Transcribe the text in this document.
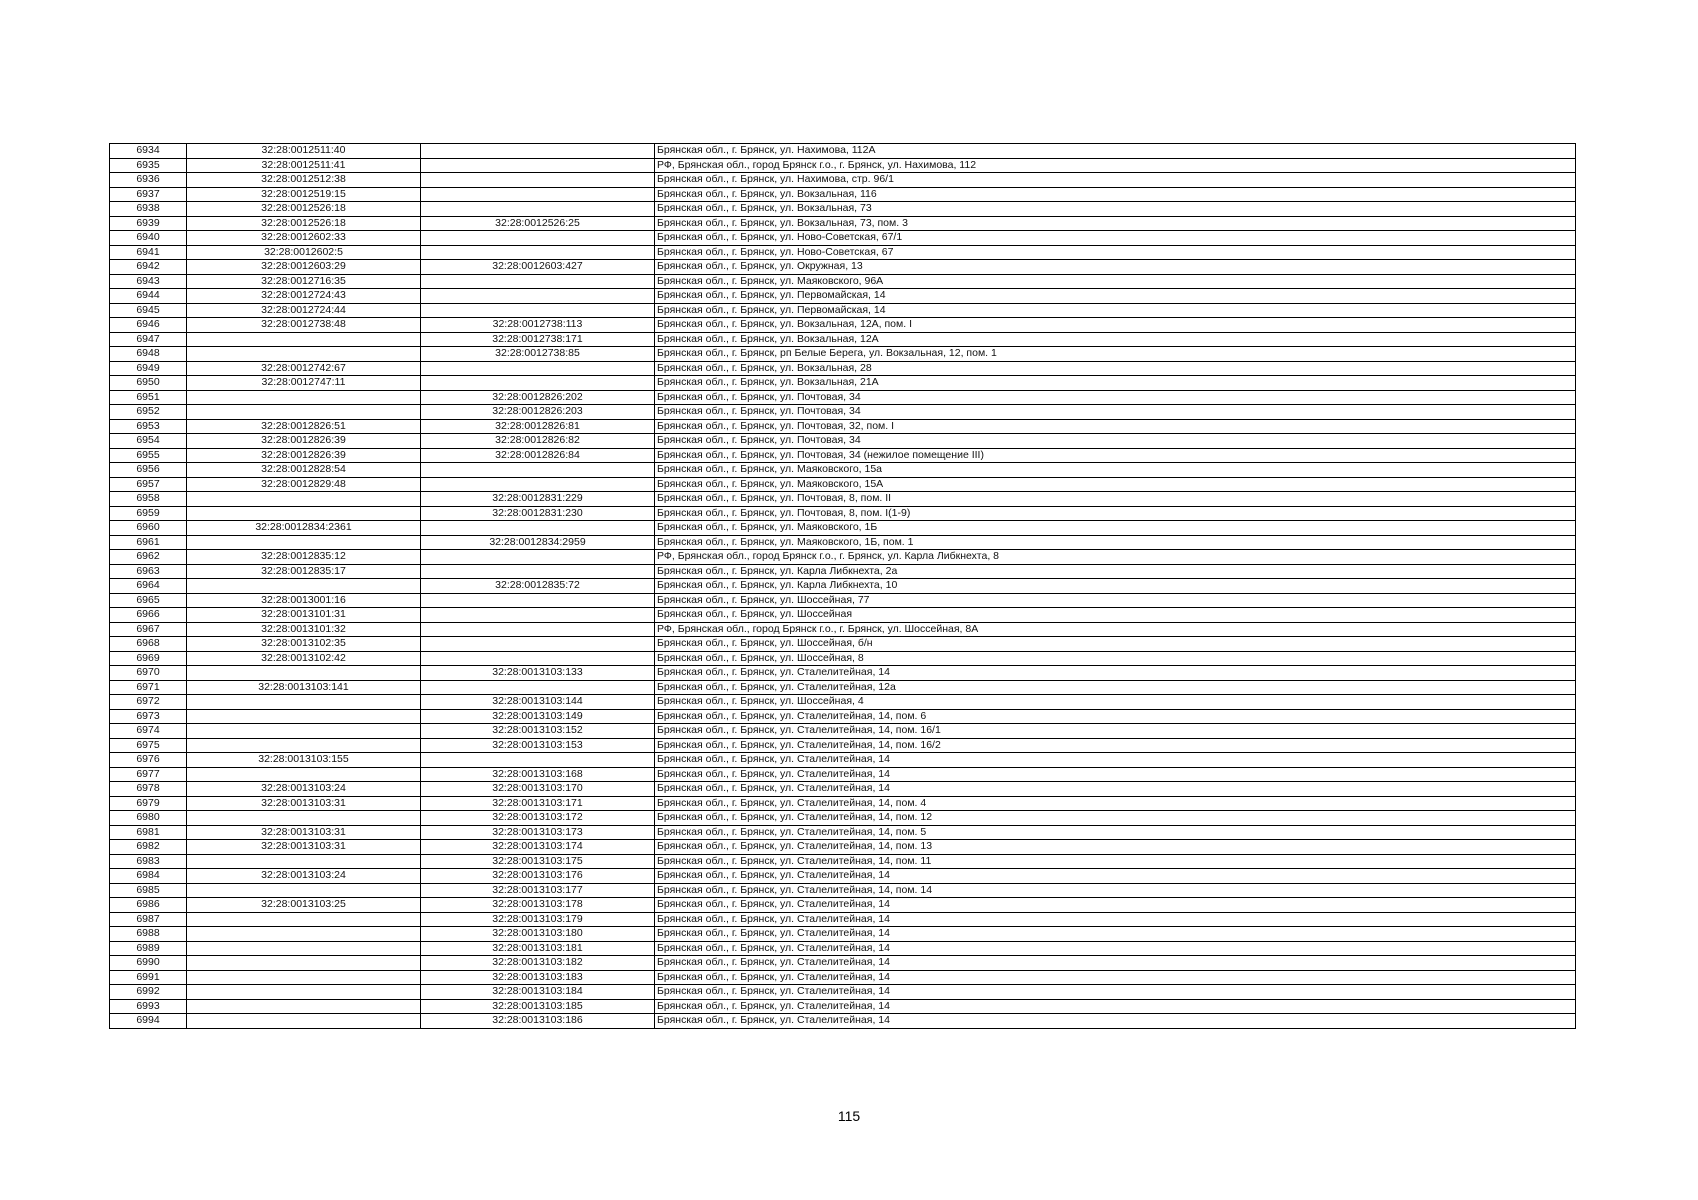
6934	32:28:0012511:40		Брянская обл., г. Брянск, ул. Нахимова, 112А
6935	32:28:0012511:41		РФ, Брянская обл., город Брянск г.о., г. Брянск, ул. Нахимова, 112
6936	32:28:0012512:38		Брянская обл., г. Брянск, ул. Нахимова, стр. 96/1
6937	32:28:0012519:15		Брянская обл., г. Брянск, ул. Вокзальная, 116
6938	32:28:0012526:18		Брянская обл., г. Брянск, ул. Вокзальная, 73
6939	32:28:0012526:18	32:28:0012526:25	Брянская обл., г. Брянск, ул. Вокзальная, 73, пом. 3
6940	32:28:0012602:33		Брянская обл., г. Брянск, ул. Ново-Советская, 67/1
6941	32:28:0012602:5		Брянская обл., г. Брянск, ул. Ново-Советская, 67
6942	32:28:0012603:29	32:28:0012603:427	Брянская обл., г. Брянск, ул. Окружная, 13
6943	32:28:0012716:35		Брянская обл., г. Брянск, ул. Маяковского, 96А
6944	32:28:0012724:43		Брянская обл., г. Брянск, ул. Первомайская, 14
6945	32:28:0012724:44		Брянская обл., г. Брянск, ул. Первомайская, 14
6946	32:28:0012738:48	32:28:0012738:113	Брянская обл., г. Брянск, ул. Вокзальная, 12А, пом. I
6947		32:28:0012738:171	Брянская обл., г. Брянск, ул. Вокзальная, 12А
6948		32:28:0012738:85	Брянская обл., г. Брянск, рп Белые Берега, ул. Вокзальная, 12, пом. 1
6949	32:28:0012742:67		Брянская обл., г. Брянск, ул. Вокзальная, 28
6950	32:28:0012747:11		Брянская обл., г. Брянск, ул. Вокзальная, 21А
6951		32:28:0012826:202	Брянская обл., г. Брянск, ул. Почтовая, 34
6952		32:28:0012826:203	Брянская обл., г. Брянск, ул. Почтовая, 34
6953	32:28:0012826:51	32:28:0012826:81	Брянская обл., г. Брянск, ул. Почтовая, 32, пом. I
6954	32:28:0012826:39	32:28:0012826:82	Брянская обл., г. Брянск, ул. Почтовая, 34
6955	32:28:0012826:39	32:28:0012826:84	Брянская обл., г. Брянск, ул. Почтовая, 34 (нежилое помещение III)
6956	32:28:0012828:54		Брянская обл., г. Брянск, ул. Маяковского, 15а
6957	32:28:0012829:48		Брянская обл., г. Брянск, ул. Маяковского, 15А
6958		32:28:0012831:229	Брянская обл., г. Брянск, ул. Почтовая, 8, пом. II
6959		32:28:0012831:230	Брянская обл., г. Брянск, ул. Почтовая, 8, пом. I(1-9)
6960	32:28:0012834:2361		Брянская обл., г. Брянск, ул. Маяковского, 1Б
6961		32:28:0012834:2959	Брянская обл., г. Брянск, ул. Маяковского, 1Б, пом. 1
6962	32:28:0012835:12		РФ, Брянская обл., город Брянск г.о., г. Брянск, ул. Карла Либкнехта, 8
6963	32:28:0012835:17		Брянская обл., г. Брянск, ул. Карла Либкнехта, 2а
6964		32:28:0012835:72	Брянская обл., г. Брянск, ул. Карла Либкнехта, 10
6965	32:28:0013001:16		Брянская обл., г. Брянск, ул. Шоссейная, 77
6966	32:28:0013101:31		Брянская обл., г. Брянск, ул. Шоссейная
6967	32:28:0013101:32		РФ, Брянская обл., город Брянск г.о., г. Брянск, ул. Шоссейная, 8А
6968	32:28:0013102:35		Брянская обл., г. Брянск, ул. Шоссейная, б/н
6969	32:28:0013102:42		Брянская обл., г. Брянск, ул. Шоссейная, 8
6970		32:28:0013103:133	Брянская обл., г. Брянск, ул. Сталелитейная, 14
6971	32:28:0013103:141		Брянская обл., г. Брянск, ул. Сталелитейная, 12а
6972		32:28:0013103:144	Брянская обл., г. Брянск, ул. Шоссейная, 4
6973		32:28:0013103:149	Брянская обл., г. Брянск, ул. Сталелитейная, 14, пом. 6
6974		32:28:0013103:152	Брянская обл., г. Брянск, ул. Сталелитейная, 14, пом. 16/1
6975		32:28:0013103:153	Брянская обл., г. Брянск, ул. Сталелитейная, 14, пом. 16/2
6976	32:28:0013103:155		Брянская обл., г. Брянск, ул. Сталелитейная, 14
6977		32:28:0013103:168	Брянская обл., г. Брянск, ул. Сталелитейная, 14
6978	32:28:0013103:24	32:28:0013103:170	Брянская обл., г. Брянск, ул. Сталелитейная, 14
6979	32:28:0013103:31	32:28:0013103:171	Брянская обл., г. Брянск, ул. Сталелитейная, 14, пом. 4
6980		32:28:0013103:172	Брянская обл., г. Брянск, ул. Сталелитейная, 14, пом. 12
6981	32:28:0013103:31	32:28:0013103:173	Брянская обл., г. Брянск, ул. Сталелитейная, 14, пом. 5
6982	32:28:0013103:31	32:28:0013103:174	Брянская обл., г. Брянск, ул. Сталелитейная, 14, пом. 13
6983		32:28:0013103:175	Брянская обл., г. Брянск, ул. Сталелитейная, 14, пом. 11
6984	32:28:0013103:24	32:28:0013103:176	Брянская обл., г. Брянск, ул. Сталелитейная, 14
6985		32:28:0013103:177	Брянская обл., г. Брянск, ул. Сталелитейная, 14, пом. 14
6986	32:28:0013103:25	32:28:0013103:178	Брянская обл., г. Брянск, ул. Сталелитейная, 14
6987		32:28:0013103:179	Брянская обл., г. Брянск, ул. Сталелитейная, 14
6988		32:28:0013103:180	Брянская обл., г. Брянск, ул. Сталелитейная, 14
6989		32:28:0013103:181	Брянская обл., г. Брянск, ул. Сталелитейная, 14
6990		32:28:0013103:182	Брянская обл., г. Брянск, ул. Сталелитейная, 14
6991		32:28:0013103:183	Брянская обл., г. Брянск, ул. Сталелитейная, 14
6992		32:28:0013103:184	Брянская обл., г. Брянск, ул. Сталелитейная, 14
6993		32:28:0013103:185	Брянская обл., г. Брянск, ул. Сталелитейная, 14
6994		32:28:0013103:186	Брянская обл., г. Брянск, ул. Сталелитейная, 14
115
